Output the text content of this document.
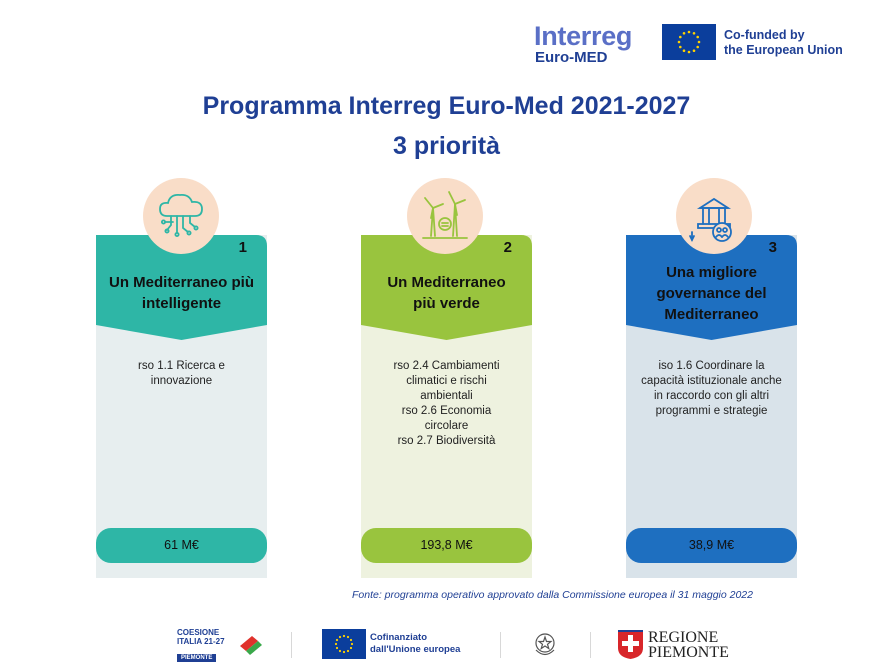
Interreg
Euro-MED
Co-funded by
the European Union
Programma Interreg Euro-Med 2021-2027
3 priorità
1
Un Mediterraneo più
intelligente
rso 1.1 Ricerca e
innovazione
61 M€
2
Un Mediterraneo
più verde
rso 2.4 Cambiamenti
climatici e rischi
ambientali
rso 2.6 Economia
circolare
rso 2.7 Biodiversità
193,8 M€
3
Una migliore
governance del
Mediterraneo
iso 1.6 Coordinare la
capacità istituzionale anche
in raccordo con gli altri
programmi e strategie
38,9 M€
Fonte: programma operativo approvato dalla Commissione europea il 31 maggio 2022
COESIONE
ITALIA 21-27
PIEMONTE
Cofinanziato
dall'Unione europea
REGIONE
PIEMONTE
